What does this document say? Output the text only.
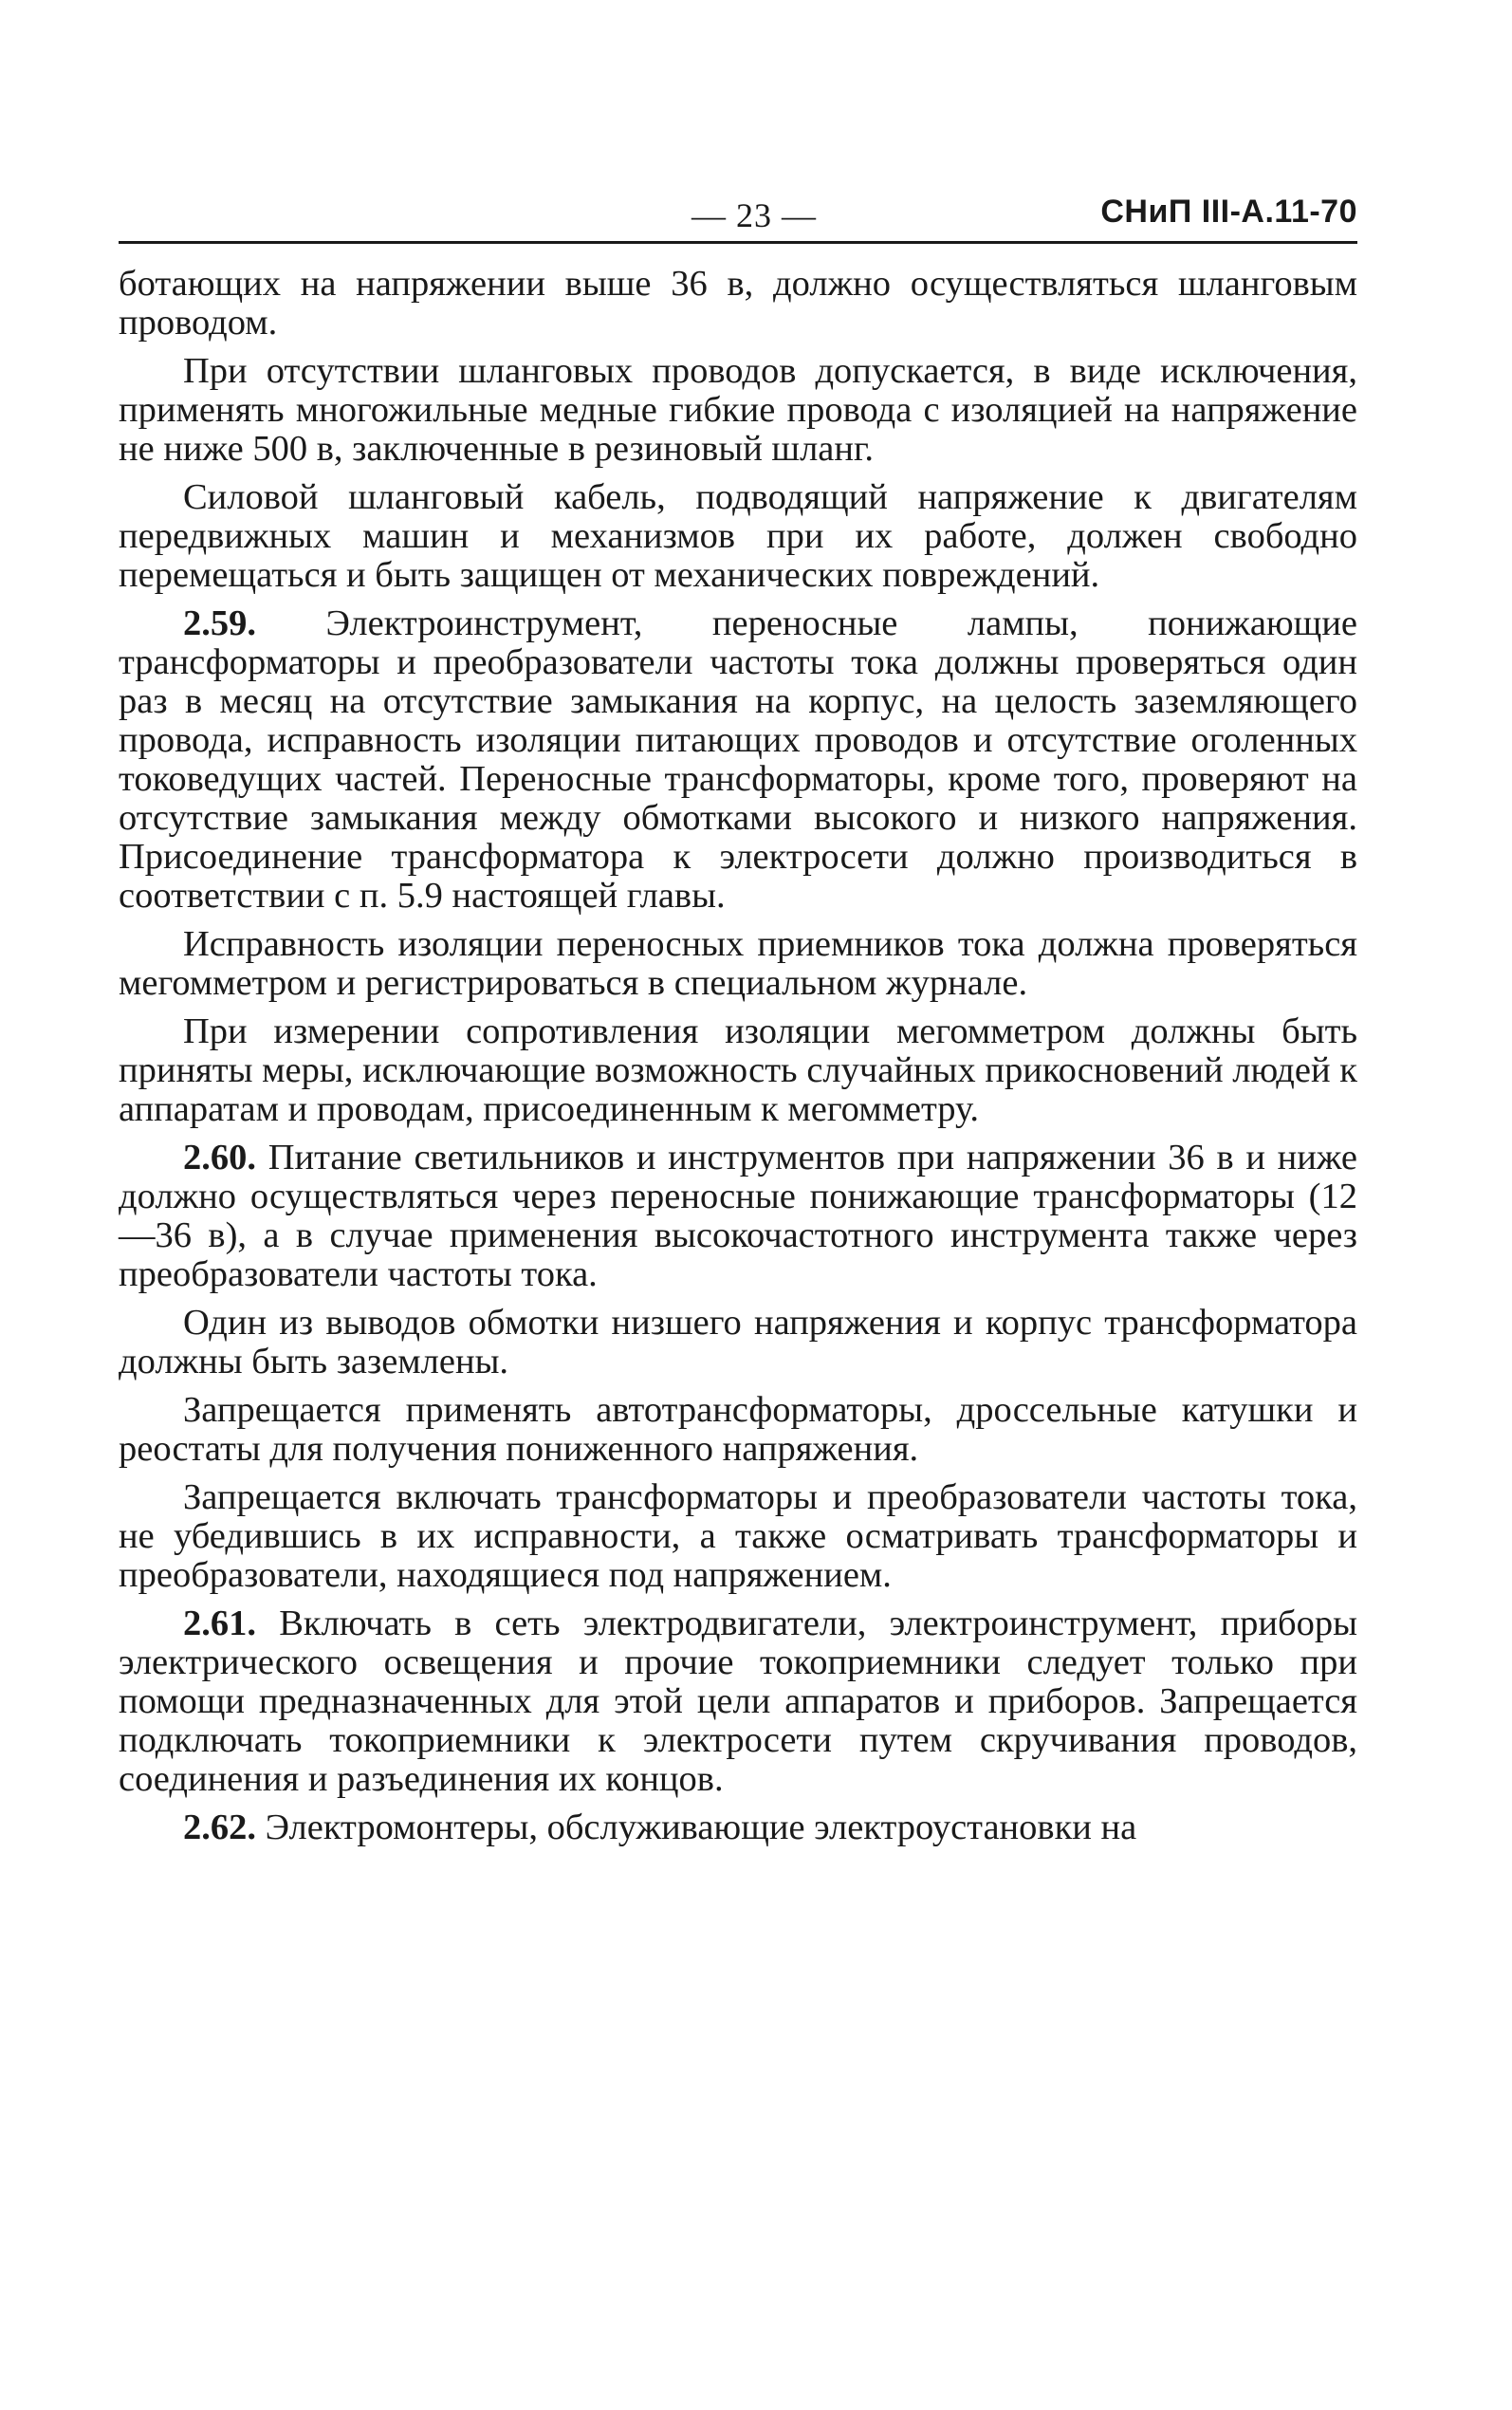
— 23 —	СНиП III-А.11-70

ботающих на напряжении выше 36 в, должно осуществляться шланговым проводом.

При отсутствии шланговых проводов допускается, в виде исключения, применять многожильные медные гибкие провода с изоляцией на напряжение не ниже 500 в, заключенные в резиновый шланг.

Силовой шланговый кабель, подводящий напряжение к двигателям передвижных машин и механизмов при их работе, должен свободно перемещаться и быть защищен от механических повреждений.

2.59. Электроинструмент, переносные лампы, понижающие трансформаторы и преобразователи частоты тока должны проверяться один раз в месяц на отсутствие замыкания на корпус, на целость заземляющего провода, исправность изоляции питающих проводов и отсутствие оголенных токоведущих частей. Переносные трансформаторы, кроме того, проверяют на отсутствие замыкания между обмотками высокого и низкого напряжения. Присоединение трансформатора к электросети должно производиться в соответствии с п. 5.9 настоящей главы.

Исправность изоляции переносных приемников тока должна проверяться мегомметром и регистрироваться в специальном журнале.

При измерении сопротивления изоляции мегомметром должны быть приняты меры, исключающие возможность случайных прикосновений людей к аппаратам и проводам, присоединенным к мегомметру.

2.60. Питание светильников и инструментов при напряжении 36 в и ниже должно осуществляться через переносные понижающие трансформаторы (12—36 в), а в случае применения высокочастотного инструмента также через преобразователи частоты тока.

Один из выводов обмотки низшего напряжения и корпус трансформатора должны быть заземлены.

Запрещается применять автотрансформаторы, дроссельные катушки и реостаты для получения пониженного напряжения.

Запрещается включать трансформаторы и преобразователи частоты тока, не убедившись в их исправности, а также осматривать трансформаторы и преобразователи, находящиеся под напряжением.

2.61. Включать в сеть электродвигатели, электроинструмент, приборы электрического освещения и прочие токоприемники следует только при помощи предназначенных для этой цели аппаратов и приборов. Запрещается подключать токоприемники к электросети путем скручивания проводов, соединения и разъединения их концов.

2.62. Электромонтеры, обслуживающие электроустановки на
